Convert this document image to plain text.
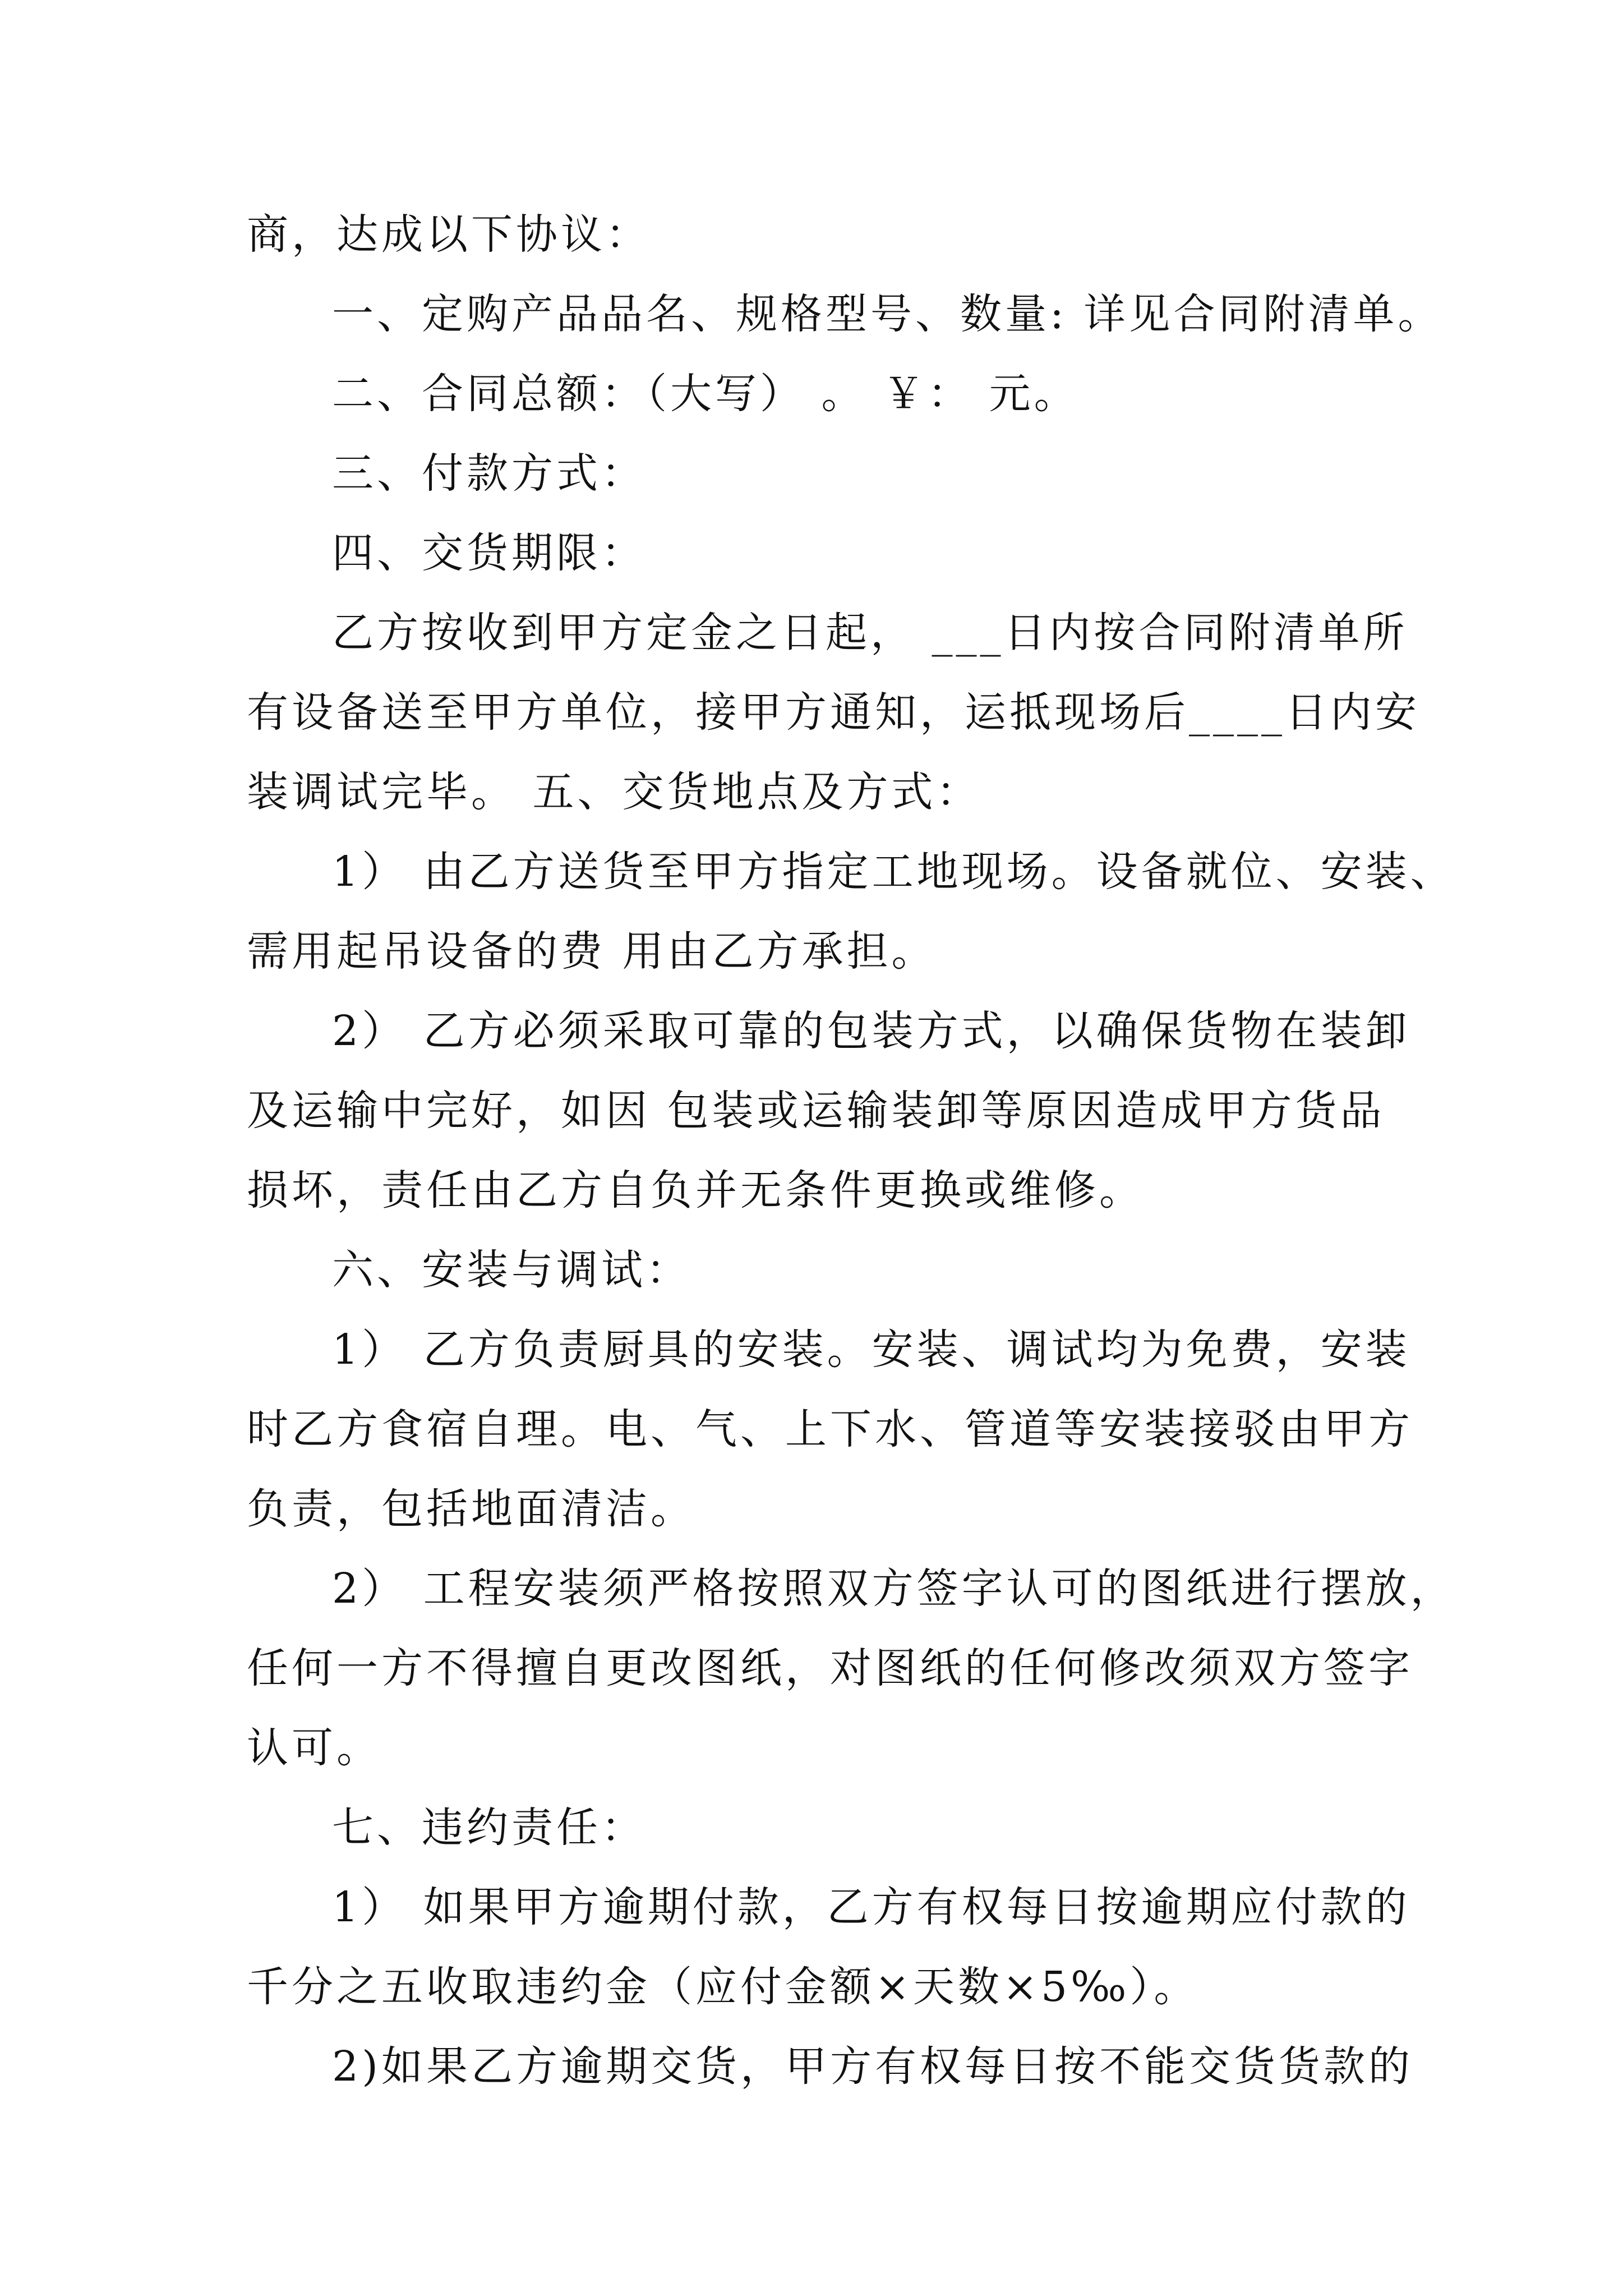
商，达成以下协议：
一、定购产品品名、规格型号、数量: 详见合同附清单。
二、合同总额：（大写） 。 ￥： 元。
三、付款方式：
四、交货期限：
乙方按收到甲方定金之日起， ___日内按合同附清单所
有设备送至甲方单位，接甲方通知，运抵现场后____日内安
装调试完毕。 五、交货地点及方式：
1） 由乙方送货至甲方指定工地现场。设备就位、安装、
需用起吊设备的费 用由乙方承担。
2） 乙方必须采取可靠的包装方式，以确保货物在装卸
及运输中完好，如因 包装或运输装卸等原因造成甲方货品
损坏，责任由乙方自负并无条件更换或维修。
六、安装与调试：
1） 乙方负责厨具的安装。安装、调试均为免费，安装
时乙方食宿自理。电、气、上下水、管道等安装接驳由甲方
负责，包括地面清洁。
2） 工程安装须严格按照双方签字认可的图纸进行摆放，
任何一方不得擅自更改图纸，对图纸的任何修改须双方签字
认可。
七、违约责任：
1） 如果甲方逾期付款，乙方有权每日按逾期应付款的
千分之五收取违约金（应付金额×天数×5‰）。
2)如果乙方逾期交货，甲方有权每日按不能交货货款的
